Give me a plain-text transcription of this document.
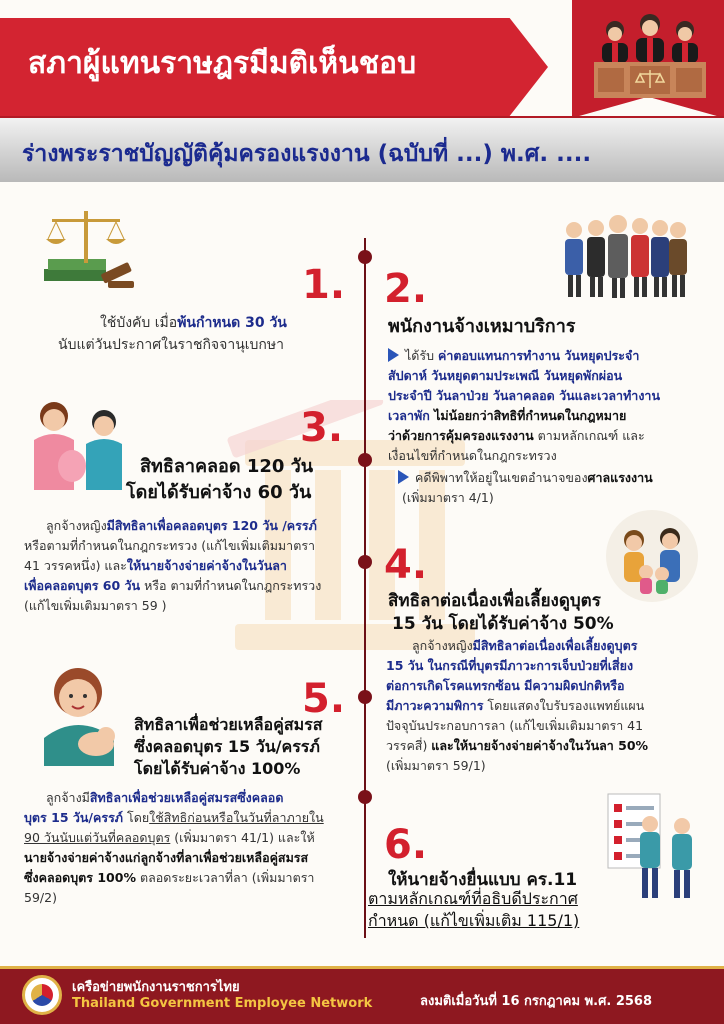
สภาผู้แทนราษฎรมีมติเห็นชอบ
ร่างพระราชบัญญัติคุ้มครองแรงงาน (ฉบับที่ ...) พ.ศ. ....
1.
ใช้บังคับ เมื่อพ้นกำหนด 30 วัน
นับแต่วันประกาศในราชกิจจานุเบกษา
2.
พนักงานจ้างเหมาบริการ
ได้รับ ค่าตอบแทนการทำงาน วันหยุดประจำ
สัปดาห์ วันหยุดตามประเพณี วันหยุดพักผ่อน
ประจำปี วันลาป่วย วันลาคลอด วันและเวลาทำงาน
เวลาพัก ไม่น้อยกว่าสิทธิที่กำหนดในกฎหมาย
ว่าด้วยการคุ้มครองแรงงาน ตามหลักเกณฑ์ และ
เงื่อนไขที่กำหนดในกฎกระทรวง
คดีพิพาทให้อยู่ในเขตอำนาจของศาลแรงงาน
(เพิ่มมาตรา 4/1)
3.
สิทธิลาคลอด 120 วัน
โดยได้รับค่าจ้าง 60 วัน
ลูกจ้างหญิงมีสิทธิลาเพื่อคลอดบุตร 120 วัน /ครรภ์
หรือตามที่กำหนดในกฎกระทรวง (แก้ไขเพิ่มเติมมาตรา
41 วรรคหนึ่ง) และให้นายจ้างจ่ายค่าจ้างในวันลา
เพื่อคลอดบุตร 60 วัน หรือ ตามที่กำหนดในกฎกระทรวง
(แก้ไขเพิ่มเติมมาตรา 59 )
4.
สิทธิลาต่อเนื่องเพื่อเลี้ยงดูบุตร
15 วัน โดยได้รับค่าจ้าง 50%
ลูกจ้างหญิงมีสิทธิลาต่อเนื่องเพื่อเลี้ยงดูบุตร
15 วัน ในกรณีที่บุตรมีภาวะการเจ็บป่วยที่เสี่ยง
ต่อการเกิดโรคแทรกซ้อน มีความผิดปกติหรือ
มีภาวะความพิการ โดยแสดงใบรับรองแพทย์แผน
ปัจจุบันประกอบการลา (แก้ไขเพิ่มเติมมาตรา 41
วรรคสี่) และให้นายจ้างจ่ายค่าจ้างในวันลา 50%
(เพิ่มมาตรา 59/1)
5.
สิทธิลาเพื่อช่วยเหลือคู่สมรส
ซึ่งคลอดบุตร 15 วัน/ครรภ์
โดยได้รับค่าจ้าง 100%
ลูกจ้างมีสิทธิลาเพื่อช่วยเหลือคู่สมรสซึ่งคลอด
บุตร 15 วัน/ครรภ์ โดยใช้สิทธิก่อนหรือในวันที่ลาภายใน
90 วันนับแต่วันที่คลอดบุตร (เพิ่มมาตรา 41/1) และให้
นายจ้างจ่ายค่าจ้างแก่ลูกจ้างที่ลาเพื่อช่วยเหลือคู่สมรส
ซึ่งคลอดบุตร 100% ตลอดระยะเวลาที่ลา (เพิ่มมาตรา
59/2)
6.
ให้นายจ้างยื่นแบบ คร.11
ตามหลักเกณฑ์ที่อธิบดีประกาศ
กำหนด (แก้ไขเพิ่มเติม 115/1)
เครือข่ายพนักงานราชการไทย
Thailand Government Employee Network	ลงมติเมื่อวันที่ 16 กรกฎาคม พ.ศ. 2568
